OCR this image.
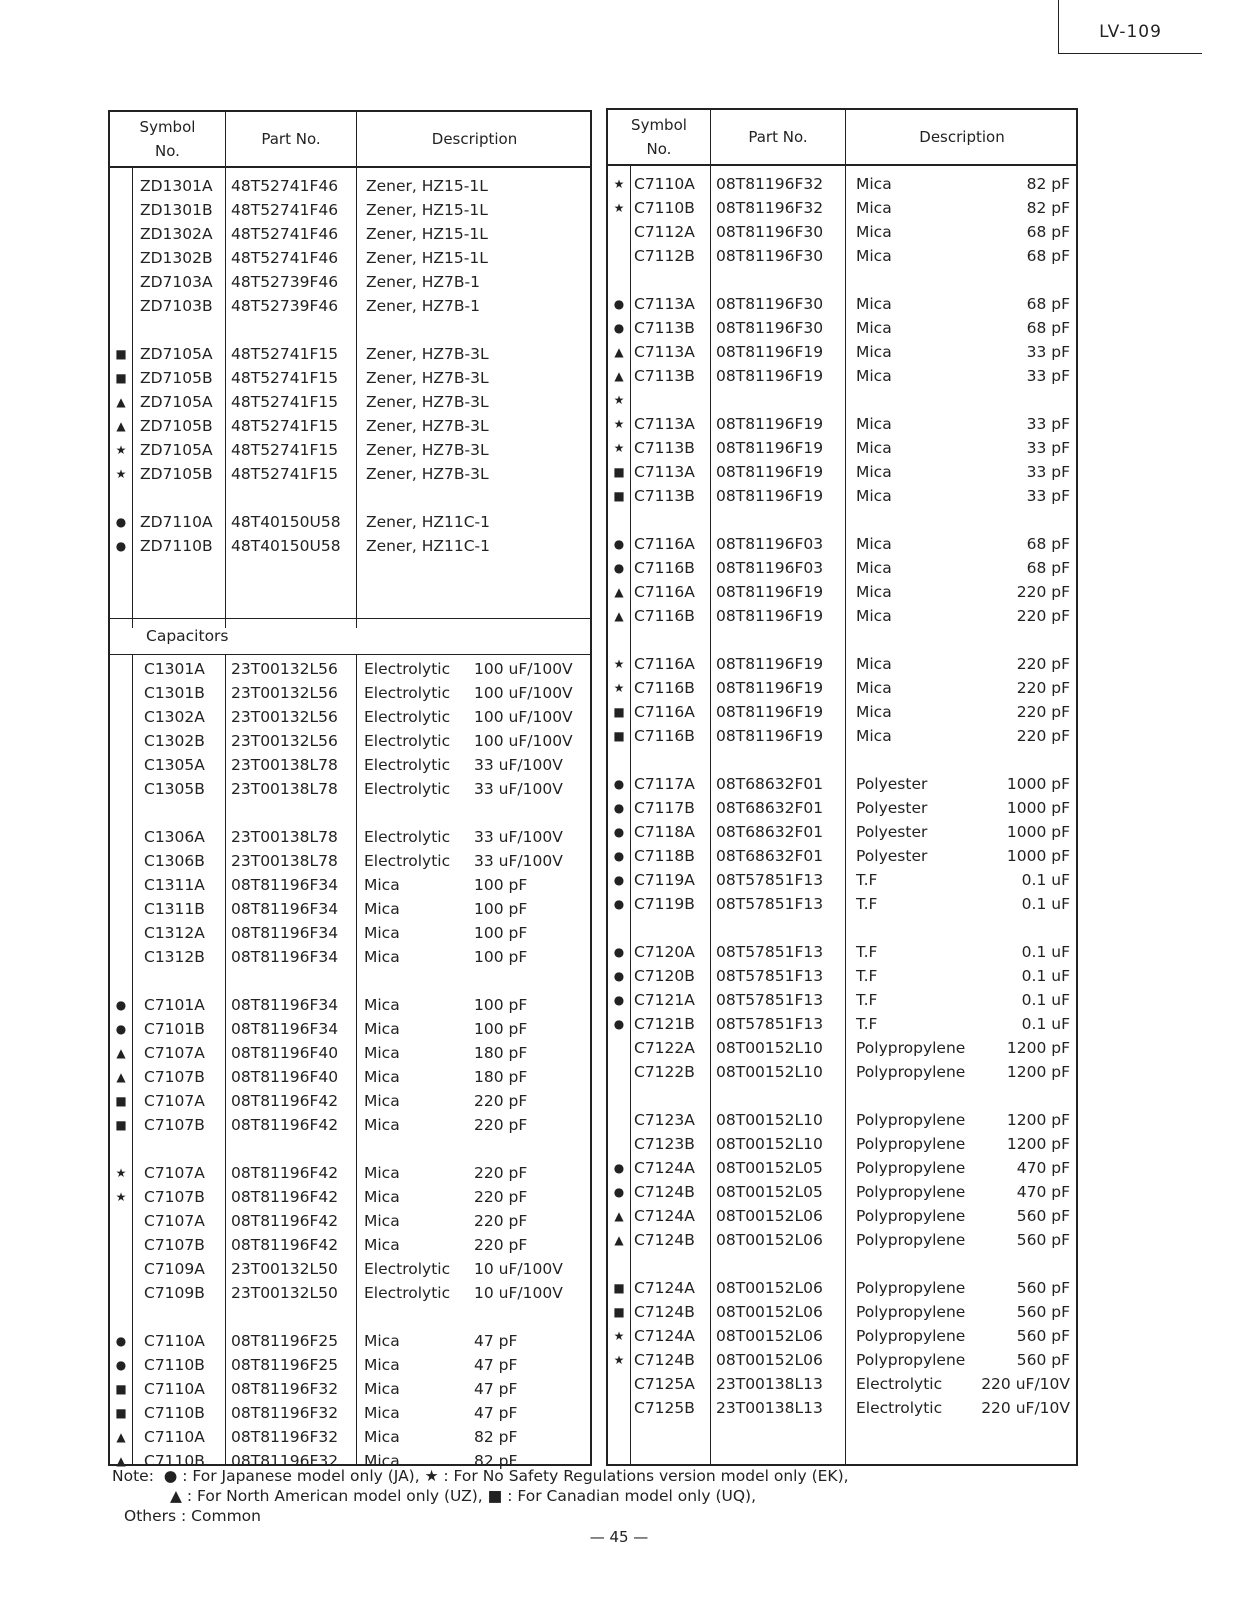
LV-109
Symbol
No.
Part No.	Description
Capacitors
ZD1301A 48T52741F46 Zener, HZ15-1L
ZD1301B 48T52741F46 Zener, HZ15-1L
ZD1302A 48T52741F46 Zener, HZ15-1L
ZD1302B 48T52741F46 Zener, HZ15-1L
ZD7103A 48T52739F46 Zener, HZ7B-1
ZD7103B 48T52739F46 Zener, HZ7B-1
■ ZD7105A 48T52741F15 Zener, HZ7B-3L
■ ZD7105B 48T52741F15 Zener, HZ7B-3L
▲ ZD7105A 48T52741F15 Zener, HZ7B-3L
▲ ZD7105B 48T52741F15 Zener, HZ7B-3L
★ ZD7105A 48T52741F15 Zener, HZ7B-3L
★ ZD7105B 48T52741F15 Zener, HZ7B-3L
● ZD7110A 48T40150U58 Zener, HZ11C-1
● ZD7110B 48T40150U58 Zener, HZ11C-1
C1301A 23T00132L56 Electrolytic 100 uF/100V
C1301B 23T00132L56 Electrolytic 100 uF/100V
C1302A 23T00132L56 Electrolytic 100 uF/100V
C1302B 23T00132L56 Electrolytic 100 uF/100V
C1305A 23T00138L78 Electrolytic 33 uF/100V
C1305B 23T00138L78 Electrolytic 33 uF/100V
C1306A 23T00138L78 Electrolytic 33 uF/100V
C1306B 23T00138L78 Electrolytic 33 uF/100V
C1311A 08T81196F34 Mica	100 pF
C1311B 08T81196F34 Mica	100 pF
C1312A 08T81196F34 Mica	100 pF
C1312B 08T81196F34 Mica	100 pF
● C7101A 08T81196F34 Mica	100 pF
● C7101B 08T81196F34 Mica	100 pF
▲ C7107A 08T81196F40 Mica	180 pF
▲ C7107B 08T81196F40 Mica	180 pF
■ C7107A 08T81196F42 Mica	220 pF
■ C7107B 08T81196F42 Mica	220 pF
★ C7107A 08T81196F42 Mica	220 pF
★ C7107B 08T81196F42 Mica	220 pF
C7107A 08T81196F42 Mica	220 pF
C7107B 08T81196F42 Mica	220 pF
C7109A 23T00132L50 Electrolytic 10 uF/100V
C7109B 23T00132L50 Electrolytic 10 uF/100V
● C7110A 08T81196F25 Mica	47 pF
● C7110B 08T81196F25 Mica	47 pF
■ C7110A 08T81196F32 Mica	47 pF
■ C7110B 08T81196F32 Mica	47 pF
▲ C7110A 08T81196F32 Mica	82 pF
▲ C7110B 08T81196F32 Mica	82 pF
Symbol
No.
Part No.	Description
★ C7110A 08T81196F32 Mica	82 pF
★ C7110B 08T81196F32 Mica	82 pF
C7112A 08T81196F30 Mica	68 pF
C7112B 08T81196F30 Mica	68 pF
● C7113A 08T81196F30 Mica	68 pF
● C7113B 08T81196F30 Mica	68 pF
▲ C7113A 08T81196F19 Mica	33 pF
▲ C7113B 08T81196F19 Mica	33 pF
★
★ C7113A 08T81196F19 Mica	33 pF
★ C7113B 08T81196F19 Mica	33 pF
■ C7113A 08T81196F19 Mica	33 pF
■ C7113B 08T81196F19 Mica	33 pF
● C7116A 08T81196F03 Mica	68 pF
● C7116B 08T81196F03 Mica	68 pF
▲ C7116A 08T81196F19 Mica	220 pF
▲ C7116B 08T81196F19 Mica	220 pF
★ C7116A 08T81196F19 Mica	220 pF
★ C7116B 08T81196F19 Mica	220 pF
■ C7116A 08T81196F19 Mica	220 pF
■ C7116B 08T81196F19 Mica	220 pF
● C7117A 08T68632F01 Polyester	1000 pF
● C7117B 08T68632F01 Polyester	1000 pF
● C7118A 08T68632F01 Polyester	1000 pF
● C7118B 08T68632F01 Polyester	1000 pF
● C7119A 08T57851F13 T.F	0.1 uF
● C7119B 08T57851F13 T.F	0.1 uF
● C7120A 08T57851F13 T.F	0.1 uF
● C7120B 08T57851F13 T.F	0.1 uF
● C7121A 08T57851F13 T.F	0.1 uF
● C7121B 08T57851F13 T.F	0.1 uF
C7122A 08T00152L10 Polypropylene	1200 pF
C7122B 08T00152L10 Polypropylene	1200 pF
C7123A 08T00152L10 Polypropylene	1200 pF
C7123B 08T00152L10 Polypropylene	1200 pF
● C7124A 08T00152L05 Polypropylene	470 pF
● C7124B 08T00152L05 Polypropylene	470 pF
▲ C7124A 08T00152L06 Polypropylene	560 pF
▲ C7124B 08T00152L06 Polypropylene	560 pF
■ C7124A 08T00152L06 Polypropylene	560 pF
■ C7124B 08T00152L06 Polypropylene	560 pF
★ C7124A 08T00152L06 Polypropylene	560 pF
★ C7124B 08T00152L06 Polypropylene	560 pF
C7125A 23T00138L13 Electrolytic	220 uF/10V
C7125B 23T00138L13 Electrolytic	220 uF/10V
Note:  ● : For Japanese model only (JA), ★ : For No Safety Regulations version model only (EK),
▲ : For North American model only (UZ), ■ : For Canadian model only (UQ),
Others : Common
— 45 —
